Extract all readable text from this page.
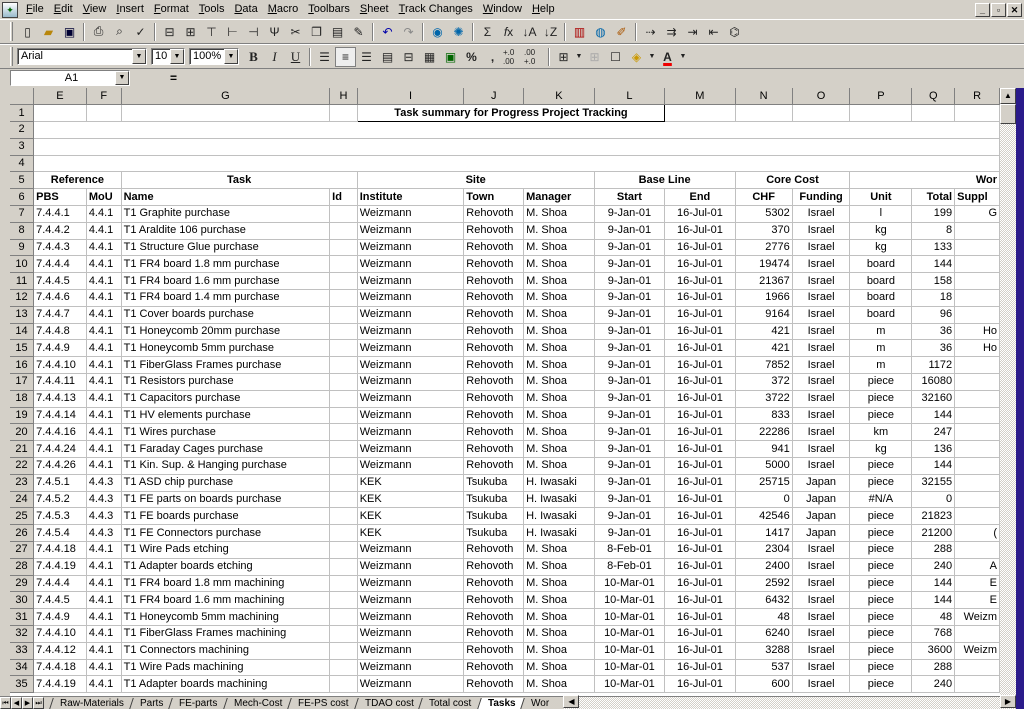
✦	File Edit View Insert Format Tools Data Macro Toolbars Sheet Track Changes Window Help	_	▫	✕
▯	▰ ▣	⎙	⌕	✓	⊟ ⊞ ⊤ ⊢ ⊣ Ψ ✂ ❐ ▤ ✎	↶ ↷	◉ ✺	Σ	f x ↓A ↓Z	▥ ◍ ✐	⇢ ⇉ ⇥ ⇤ ⌬
Arial	▼	10 ▼	100% ▼	B	I	U	☰	≡	☰ ▤ ⊟ ▦ ▣ %	,	+.0 .00
.00 +.0	⊞	▼ ⊞ ☐ ◈	▼ A	▼
A1	▼	=
	E	F	G	H	I	J	K	L	M	N	O	P	Q	R
1					Task summary for Progress Project Tracking									
2														
3														
4														
5	Reference		Task		Site			Base Line		Core Cost		Wor		
6	PBS	MoU	Name	Id	Institute	Town	Manager	Start	End	CHF	Funding	Unit	Total	Suppl
7	7.4.4.1	4.4.1	T1 Graphite purchase		Weizmann	Rehovoth	M. Shoa	9-Jan-01	16-Jul-01	5302	Israel	l	199	G
8	7.4.4.2	4.4.1	T1 Araldite 106 purchase		Weizmann	Rehovoth	M. Shoa	9-Jan-01	16-Jul-01	370	Israel	kg	8	
9	7.4.4.3	4.4.1	T1 Structure Glue purchase		Weizmann	Rehovoth	M. Shoa	9-Jan-01	16-Jul-01	2776	Israel	kg	133	
10	7.4.4.4	4.4.1	T1 FR4 board 1.8 mm purchase		Weizmann	Rehovoth	M. Shoa	9-Jan-01	16-Jul-01	19474	Israel	board	144	
11	7.4.4.5	4.4.1	T1 FR4 board 1.6 mm purchase		Weizmann	Rehovoth	M. Shoa	9-Jan-01	16-Jul-01	21367	Israel	board	158	
12	7.4.4.6	4.4.1	T1 FR4 board 1.4 mm purchase		Weizmann	Rehovoth	M. Shoa	9-Jan-01	16-Jul-01	1966	Israel	board	18	
13	7.4.4.7	4.4.1	T1 Cover boards purchase		Weizmann	Rehovoth	M. Shoa	9-Jan-01	16-Jul-01	9164	Israel	board	96	
14	7.4.4.8	4.4.1	T1 Honeycomb 20mm purchase		Weizmann	Rehovoth	M. Shoa	9-Jan-01	16-Jul-01	421	Israel	m	36	Ho
15	7.4.4.9	4.4.1	T1 Honeycomb 5mm purchase		Weizmann	Rehovoth	M. Shoa	9-Jan-01	16-Jul-01	421	Israel	m	36	Ho
16	7.4.4.10	4.4.1	T1 FiberGlass Frames purchase		Weizmann	Rehovoth	M. Shoa	9-Jan-01	16-Jul-01	7852	Israel	m	1172	
17	7.4.4.11	4.4.1	T1 Resistors purchase		Weizmann	Rehovoth	M. Shoa	9-Jan-01	16-Jul-01	372	Israel	piece	16080	
18	7.4.4.13	4.4.1	T1 Capacitors purchase		Weizmann	Rehovoth	M. Shoa	9-Jan-01	16-Jul-01	3722	Israel	piece	32160	
19	7.4.4.14	4.4.1	T1 HV elements purchase		Weizmann	Rehovoth	M. Shoa	9-Jan-01	16-Jul-01	833	Israel	piece	144	
20	7.4.4.16	4.4.1	T1 Wires purchase		Weizmann	Rehovoth	M. Shoa	9-Jan-01	16-Jul-01	22286	Israel	km	247	
21	7.4.4.24	4.4.1	T1 Faraday Cages purchase		Weizmann	Rehovoth	M. Shoa	9-Jan-01	16-Jul-01	941	Israel	kg	136	
22	7.4.4.26	4.4.1	T1 Kin. Sup. & Hanging purchase		Weizmann	Rehovoth	M. Shoa	9-Jan-01	16-Jul-01	5000	Israel	piece	144	
23	7.4.5.1	4.4.3	T1 ASD chip purchase		KEK	Tsukuba	H. Iwasaki	9-Jan-01	16-Jul-01	25715	Japan	piece	32155	
24	7.4.5.2	4.4.3	T1 FE parts on boards purchase		KEK	Tsukuba	H. Iwasaki	9-Jan-01	16-Jul-01	0	Japan	#N/A	0	
25	7.4.5.3	4.4.3	T1 FE boards purchase		KEK	Tsukuba	H. Iwasaki	9-Jan-01	16-Jul-01	42546	Japan	piece	21823	
26	7.4.5.4	4.4.3	T1 FE Connectors purchase		KEK	Tsukuba	H. Iwasaki	9-Jan-01	16-Jul-01	1417	Japan	piece	21200	(
27	7.4.4.18	4.4.1	T1 Wire Pads etching		Weizmann	Rehovoth	M. Shoa	8-Feb-01	16-Jul-01	2304	Israel	piece	288	
28	7.4.4.19	4.4.1	T1 Adapter boards etching		Weizmann	Rehovoth	M. Shoa	8-Feb-01	16-Jul-01	2400	Israel	piece	240	A
29	7.4.4.4	4.4.1	T1 FR4 board 1.8 mm machining		Weizmann	Rehovoth	M. Shoa	10-Mar-01	16-Jul-01	2592	Israel	piece	144	E
30	7.4.4.5	4.4.1	T1 FR4 board 1.6 mm machining		Weizmann	Rehovoth	M. Shoa	10-Mar-01	16-Jul-01	6432	Israel	piece	144	E
31	7.4.4.9	4.4.1	T1 Honeycomb 5mm machining		Weizmann	Rehovoth	M. Shoa	10-Mar-01	16-Jul-01	48	Israel	piece	48	Weizm
32	7.4.4.10	4.4.1	T1 FiberGlass Frames machining		Weizmann	Rehovoth	M. Shoa	10-Mar-01	16-Jul-01	6240	Israel	piece	768	
33	7.4.4.12	4.4.1	T1 Connectors machining		Weizmann	Rehovoth	M. Shoa	10-Mar-01	16-Jul-01	3288	Israel	piece	3600	Weizm
34	7.4.4.18	4.4.1	T1 Wire Pads machining		Weizmann	Rehovoth	M. Shoa	10-Mar-01	16-Jul-01	537	Israel	piece	288	
35	7.4.4.19	4.4.1	T1 Adapter boards machining		Weizmann	Rehovoth	M. Shoa	10-Mar-01	16-Jul-01	600	Israel	piece	240	
▲
⏮ ◀ ▶ ⏭	Raw-Materials	Parts	FE-parts	Mech-Cost	FE-PS cost	TDAO cost	Total cost	Tasks	Wor	◀	▶
